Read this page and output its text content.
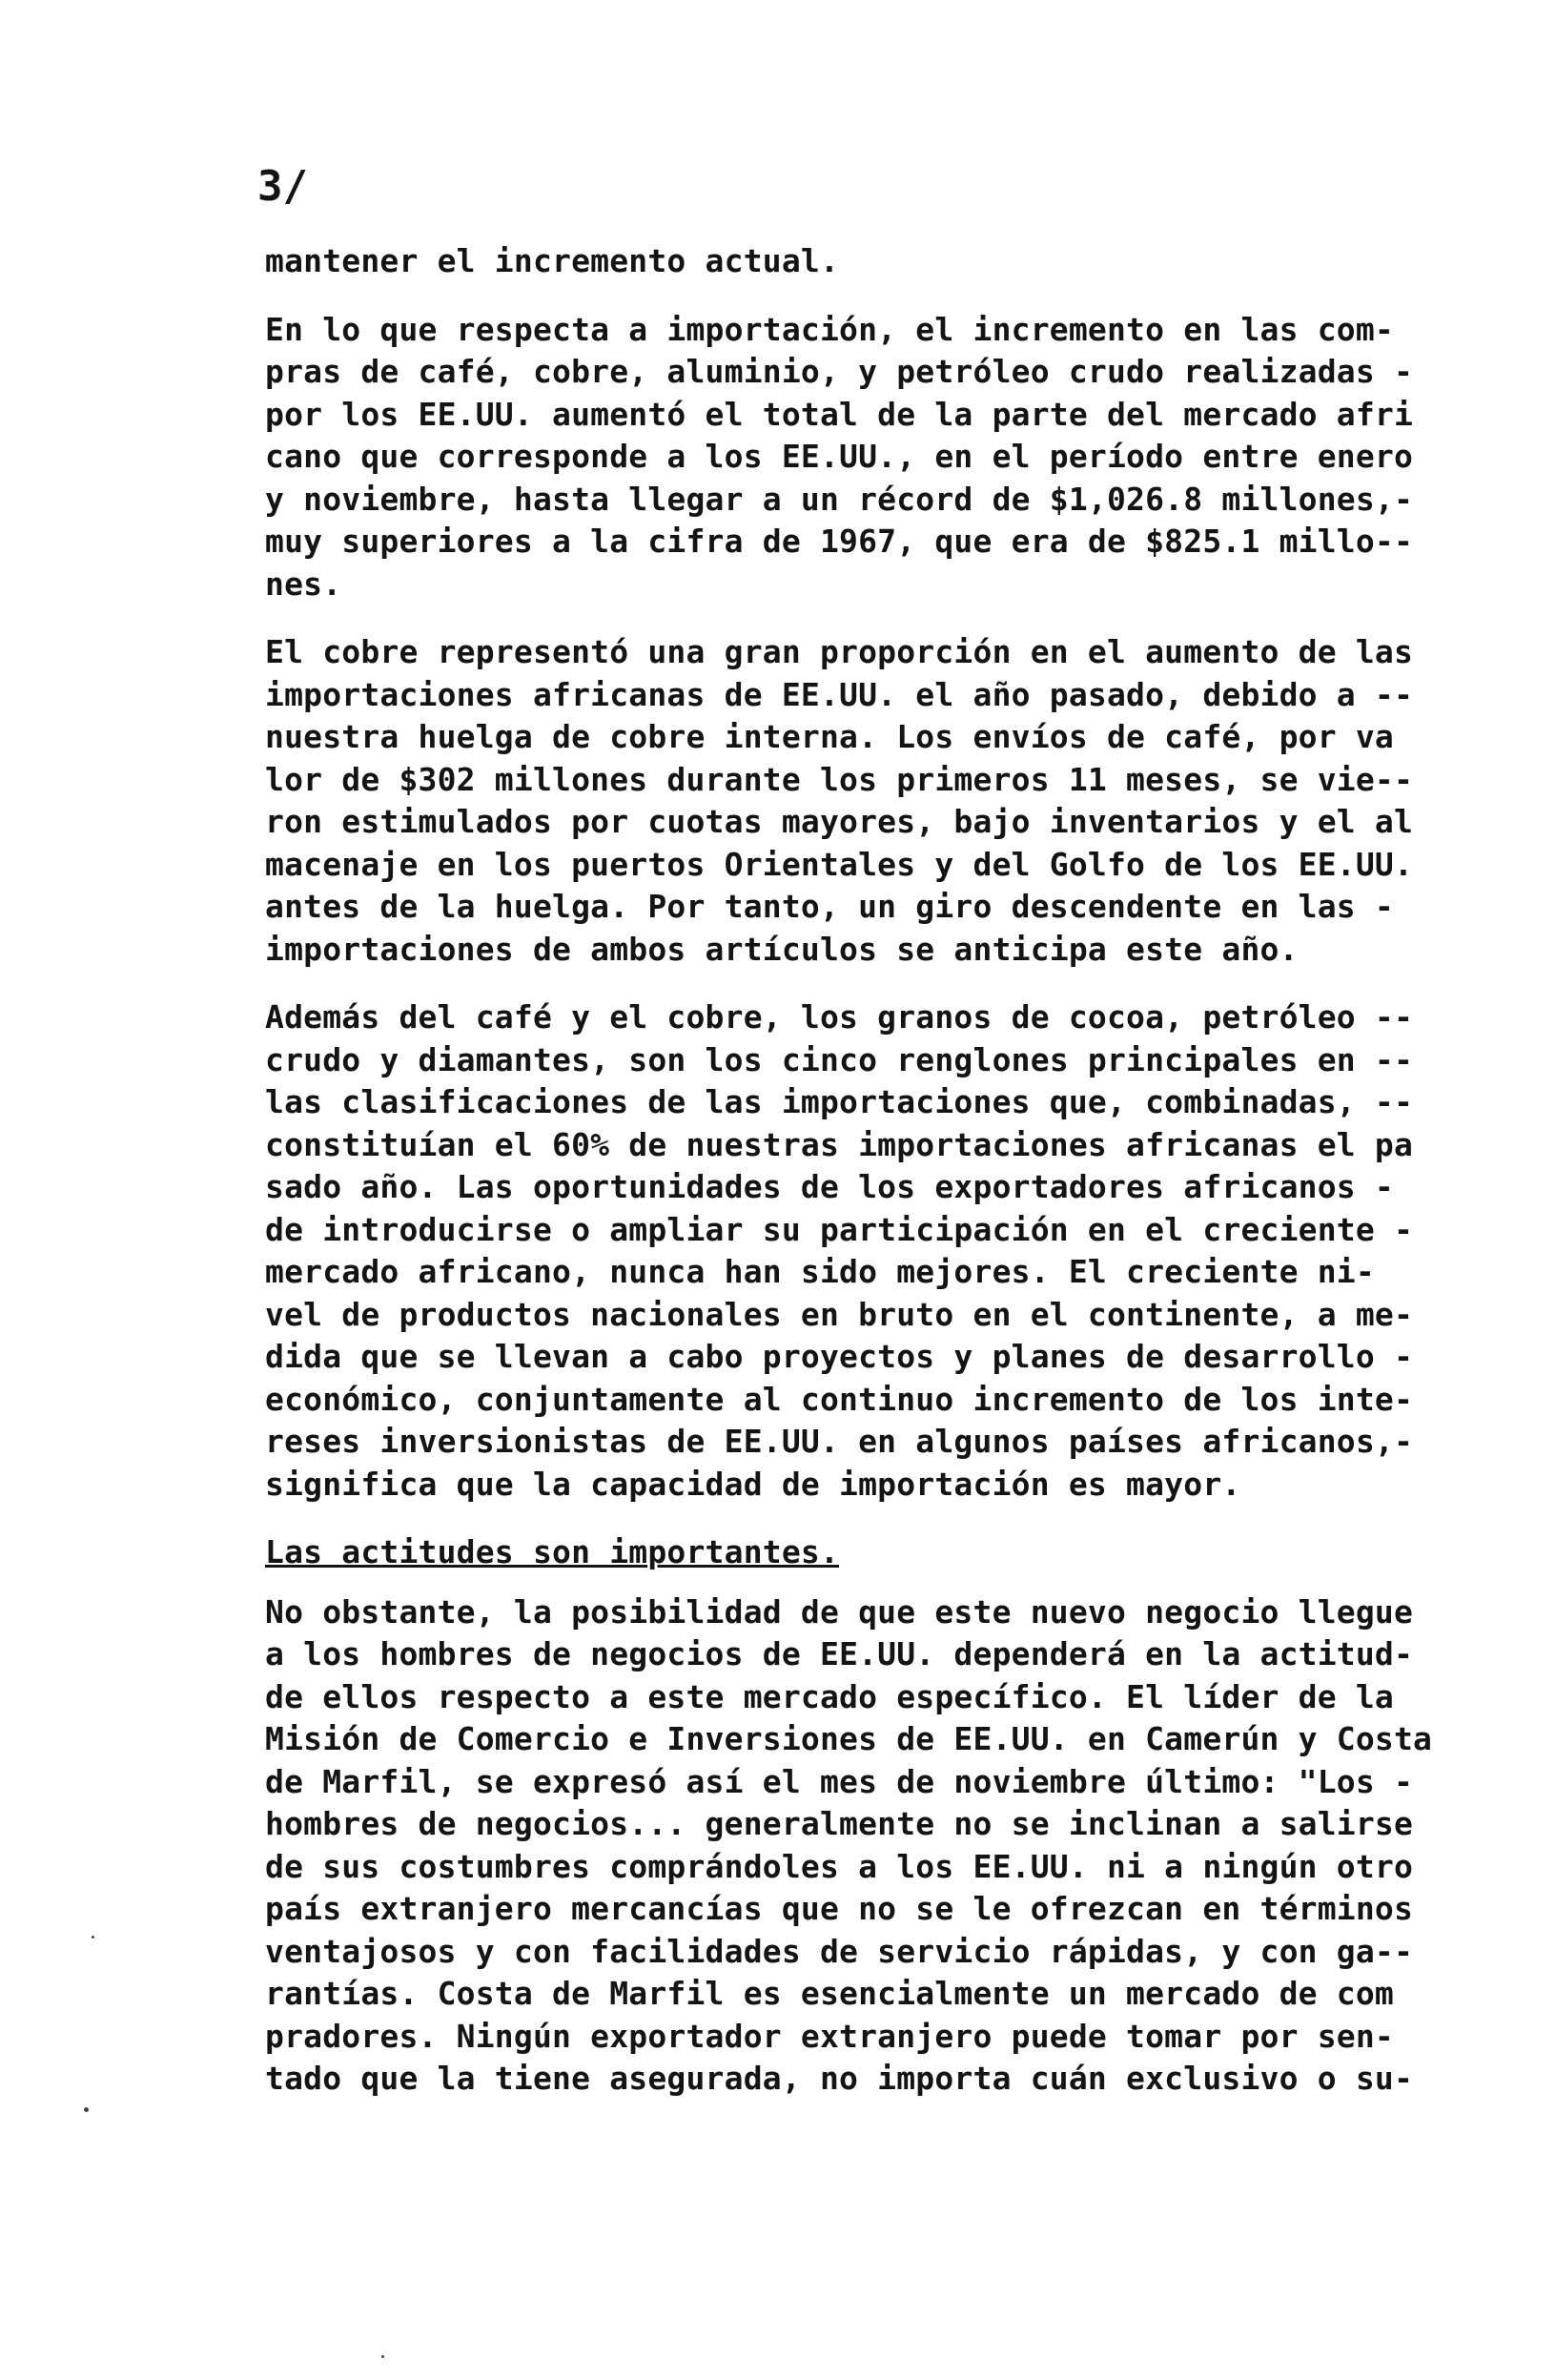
3/
mantener el incremento actual.
En lo que respecta a importación, el incremento en las com-
pras de café, cobre, aluminio, y petróleo crudo realizadas -
por los EE.UU. aumentó el total de la parte del mercado afri
cano que corresponde a los EE.UU., en el período entre enero
y noviembre, hasta llegar a un récord de $1,026.8 millones,-
muy superiores a la cifra de 1967, que era de $825.1 millo--
nes.
El cobre representó una gran proporción en el aumento de las
importaciones africanas de EE.UU. el año pasado, debido a --
nuestra huelga de cobre interna. Los envíos de café, por va
lor de $302 millones durante los primeros 11 meses, se vie--
ron estimulados por cuotas mayores, bajo inventarios y el al
macenaje en los puertos Orientales y del Golfo de los EE.UU.
antes de la huelga. Por tanto, un giro descendente en las -
importaciones de ambos artículos se anticipa este año.
Además del café y el cobre, los granos de cocoa, petróleo --
crudo y diamantes, son los cinco renglones principales en --
las clasificaciones de las importaciones que, combinadas, --
constituían el 60% de nuestras importaciones africanas el pa
sado año. Las oportunidades de los exportadores africanos -
de introducirse o ampliar su participación en el creciente -
mercado africano, nunca han sido mejores. El creciente ni-
vel de productos nacionales en bruto en el continente, a me-
dida que se llevan a cabo proyectos y planes de desarrollo -
económico, conjuntamente al continuo incremento de los inte-
reses inversionistas de EE.UU. en algunos países africanos,-
significa que la capacidad de importación es mayor.
Las actitudes son importantes.
No obstante, la posibilidad de que este nuevo negocio llegue
a los hombres de negocios de EE.UU. dependerá en la actitud-
de ellos respecto a este mercado específico. El líder de la
Misión de Comercio e Inversiones de EE.UU. en Camerún y Costa
de Marfil, se expresó así el mes de noviembre último: "Los -
hombres de negocios... generalmente no se inclinan a salirse
de sus costumbres comprándoles a los EE.UU. ni a ningún otro
país extranjero mercancías que no se le ofrezcan en términos
ventajosos y con facilidades de servicio rápidas, y con ga--
rantías. Costa de Marfil es esencialmente un mercado de com
pradores. Ningún exportador extranjero puede tomar por sen-
tado que la tiene asegurada, no importa cuán exclusivo o su-
